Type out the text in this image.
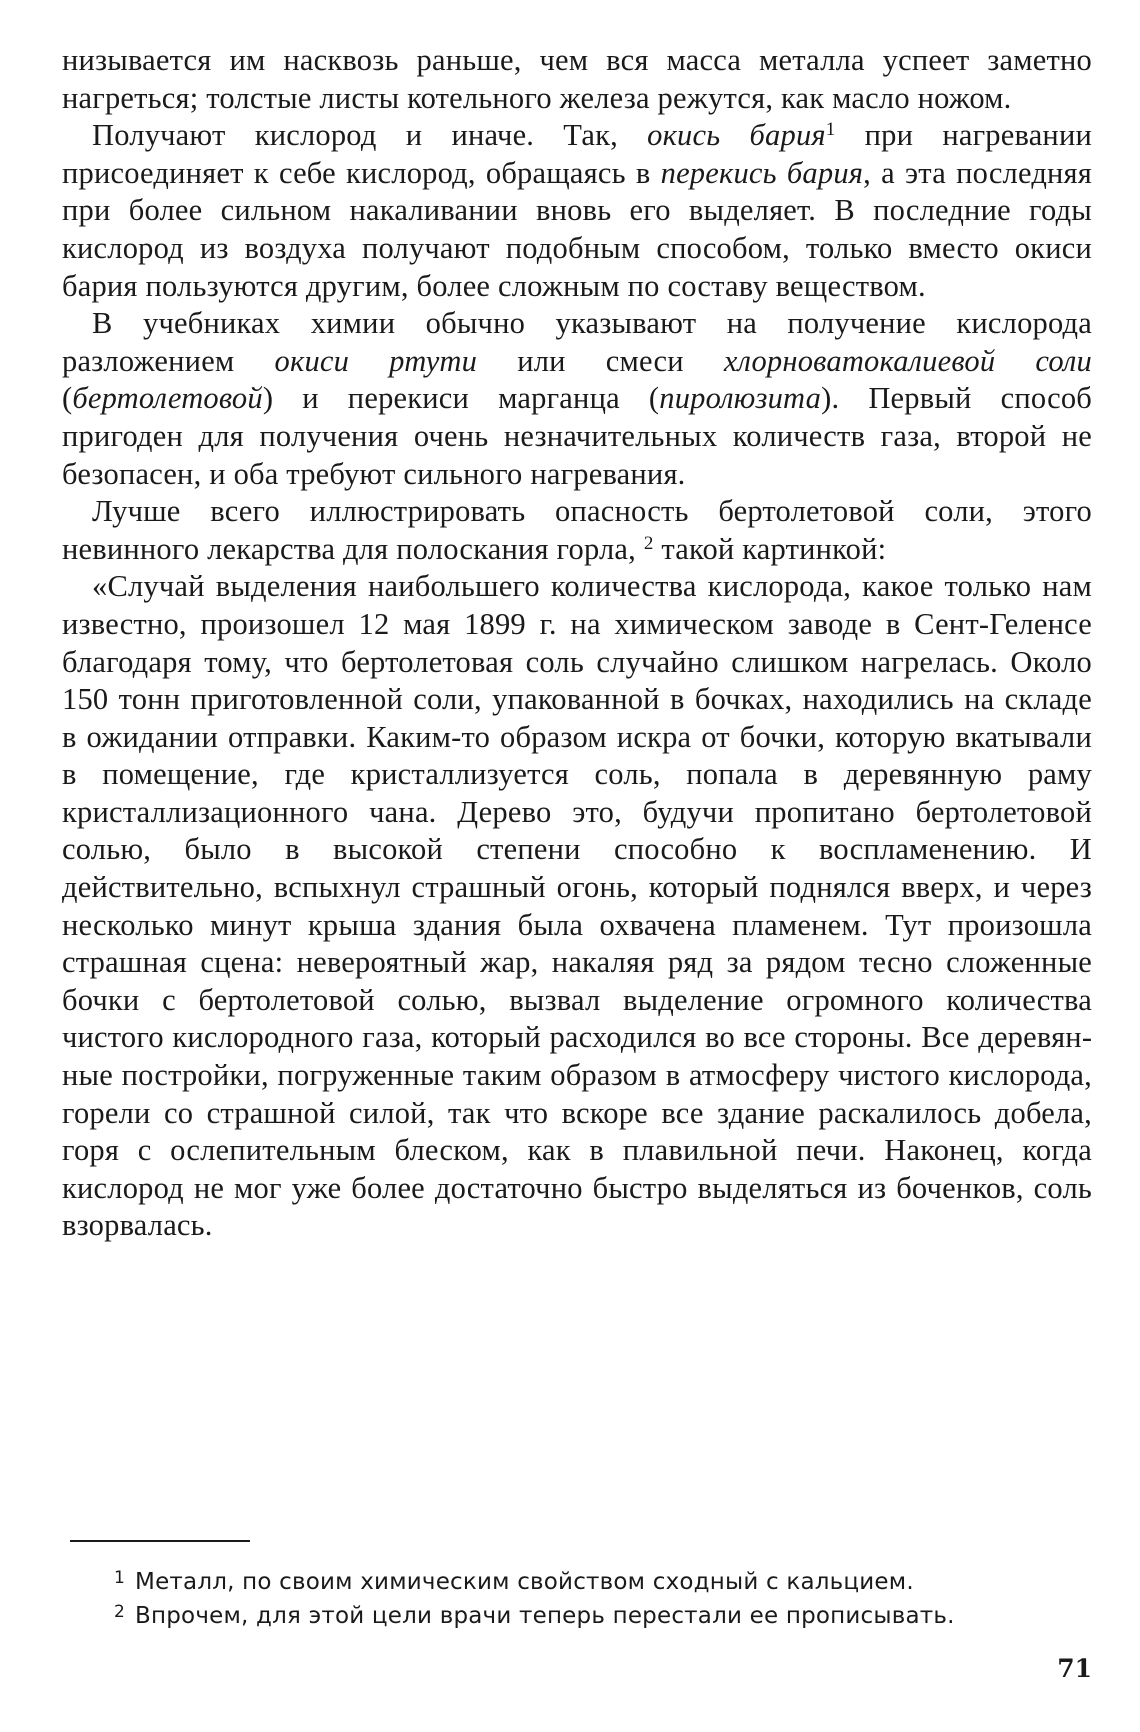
низывается им насквозь раньше, чем вся масса металла успеет заметно нагреться; толстые листы котельного железа режутся, как масло ножом.

Получают кислород и иначе. Так, окись бария$^1$ при нагревании присоединяет к себе кислород, обращаясь в перекись бария, а эта последняя при более сильном накаливании вновь его выделяет. В последние годы кислород из воздуха получают подобным способом, только вместо окиси бария пользуются другим, более сложным по составу веществом.

В учебниках химии обычно указывают на получение кислорода разложением окиси ртути или смеси хлорноватокалиевой соли (бертолетовой) и перекиси марганца (пиролюзита). Первый способ пригоден для получения очень незначительных количеств газа, второй не безопасен, и оба требуют сильного нагревания.

Лучше всего иллюстрировать опасность бертолетовой соли, этого невинного лекарства для полоскания горла, $^2$ такой картинкой:

«Случай выделения наибольшего количества кислорода, какое только нам известно, произошел 12 мая 1899 г. на химическом заводе в Сент-Геленсе благодаря тому, что бертолетовая соль случайно слишком нагрелась. Около 150 тонн приготовленной соли, упакованной в бочках, находились на складе в ожидании отправки. Каким-то образом искра от бочки, которую вкатывали в помещение, где кристаллизуется соль, попала в деревянную раму кристаллизационного чана. Дерево это, будучи пропитано бертолетовой солью, было в высокой степени способно к воспламенению. И действительно, вспыхнул страшный огонь, который поднялся вверх, и через несколько минут крыша здания была охвачена пламенем. Тут произошла страшная сцена: невероятный жар, накаляя ряд за рядом тесно сложенные бочки с бертолетовой солью, вызвал выделение огромного количества чистого кислородного газа, который расходился во все стороны. Все деревянные постройки, погруженные таким образом в атмосферу чистого кислорода, горели со страшной силой, так что вскоре все здание раскалилось добела, горя с ослепительным блеском, как в плавильной печи. Наконец, когда кислород не мог уже более достаточно быстро выделяться из боченков, соль взорвалась.

$^1$ Металл, по своим химическим свойством сходный с кальцием.

$^2$ Впрочем, для этой цели врачи теперь перестали ее прописывать.

71
